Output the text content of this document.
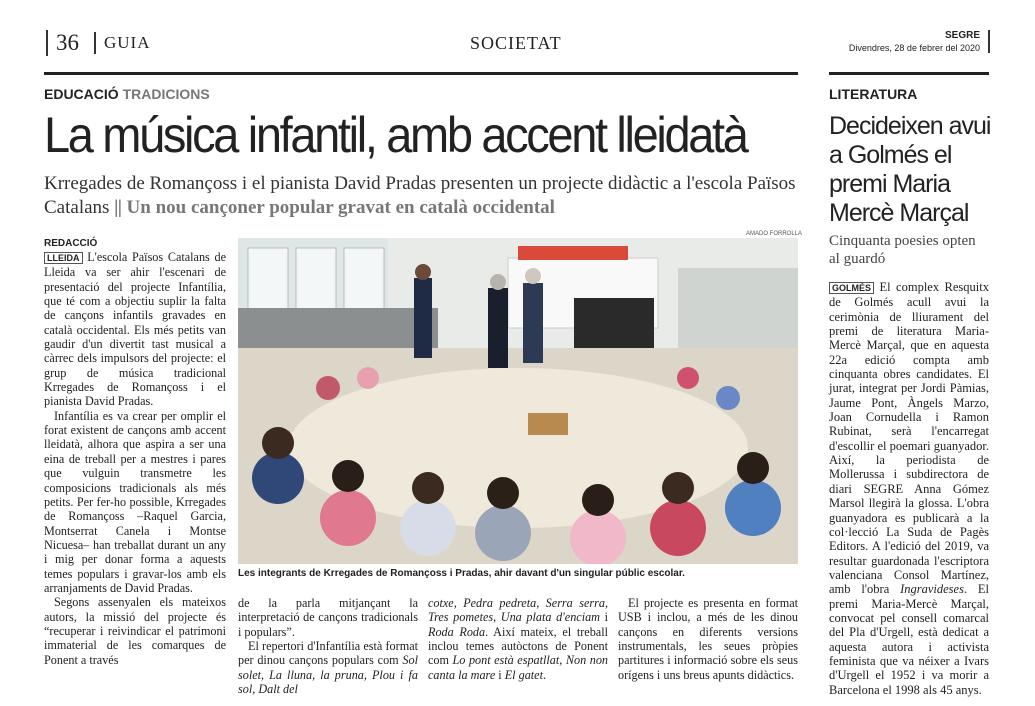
36	GUIA	SOCIETAT	SEGRE
Divendres, 28 de febrer del 2020
EDUCACIÓ TRADICIONS
La música infantil, amb accent lleidatà
Krregades de Romançoss i el pianista David Pradas presenten un projecte didàctic a l'escola Països Catalans || Un nou cançoner popular gravat en català occidental
REDACCIÓ
AMADO FORROLLA
Les integrants de Krregades de Romançoss i Pradas, ahir davant d'un singular públic escolar.

LLEIDA L'escola Països Catalans de Lleida va ser ahir l'escenari de presentació del projecte Infantília, que té com a objectiu suplir la falta de cançons infantils gravades en català occidental. Els més petits van gaudir d'un divertit tast musical a càrrec dels impulsors del projecte: el grup de música tradicional Krregades de Romançoss i el pianista David Pradas.

Infantília es va crear per omplir el forat existent de cançons amb accent lleidatà, alhora que aspira a ser una eina de treball per a mestres i pares que vulguin transmetre les composicions tradicionals als més petits. Per fer-ho possible, Krregades de Romançoss –Raquel Garcia, Montserrat Canela i Montse Nicuesa– han treballat durant un any i mig per donar forma a aquests temes populars i gravar-los amb els arranjaments de David Pradas.

Segons assenyalen els mateixos autors, la missió del projecte és “recuperar i reivindicar el patrimoni immaterial de les comarques de Ponent a través

de la parla mitjançant la interpretació de cançons tradicionals i populars”.

El repertori d'Infantília està format per dinou cançons populars com Sol solet, La lluna, la pruna, Plou i fa sol, Dalt del

cotxe, Pedra pedreta, Serra serra, Tres pometes, Una plata d'enciam i Roda Roda. Així mateix, el treball inclou temes autòctons de Ponent com Lo pont està espatllat, Non non canta la mare i El gatet.

El projecte es presenta en format USB i inclou, a més de les dinou cançons en diferents versions instrumentals, les seues pròpies partitures i informació sobre els seus orígens i uns breus apunts didàctics.

LITERATURA
Decideixen avui a Golmés el premi Maria Mercè Marçal
Cinquanta poesies opten al guardó

GOLMÉS El complex Resquitx de Golmés acull avui la cerimònia de lliurament del premi de literatura Maria-Mercè Marçal, que en aquesta 22a edició compta amb cinquanta obres candidates. El jurat, integrat per Jordi Pàmias, Jaume Pont, Àngels Marzo, Joan Cornudella i Ramon Rubinat, serà l'encarregat d'escollir el poemari guanyador. Així, la periodista de Mollerussa i subdirectora de diari SEGRE Anna Gómez Marsol llegirà la glossa. L'obra guanyadora es publicarà a la col·lecció La Suda de Pagès Editors. A l'edició del 2019, va resultar guardonada l'escriptora valenciana Consol Martínez, amb l'obra Ingravideses. El premi Maria-Mercè Marçal, convocat pel consell comarcal del Pla d'Urgell, està dedicat a aquesta autora i activista feminista que va néixer a Ivars d'Urgell el 1952 i va morir a Barcelona el 1998 als 45 anys.
